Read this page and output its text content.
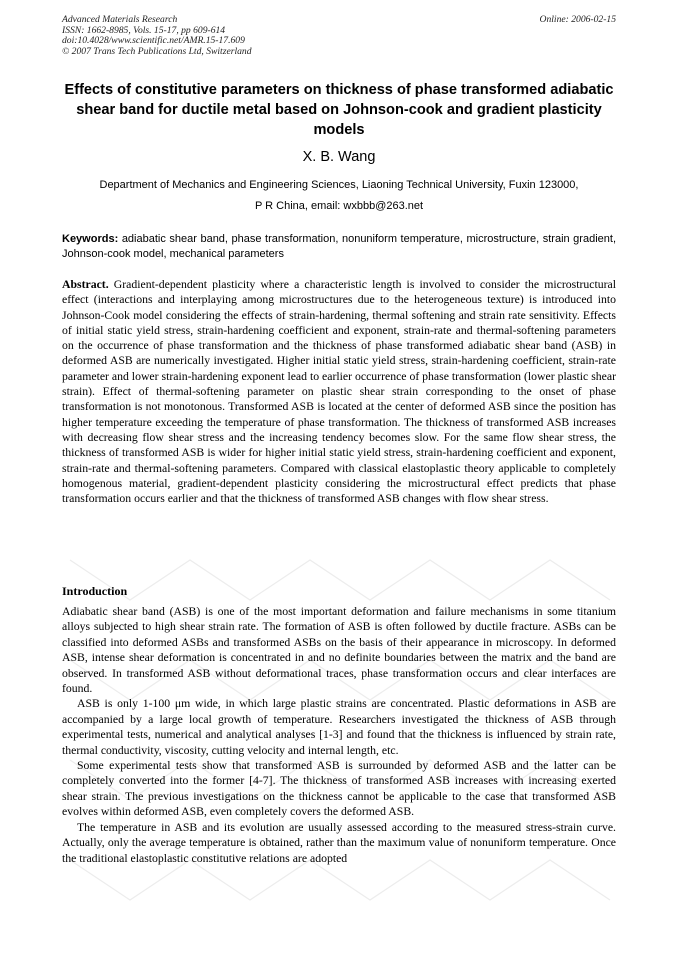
Advanced Materials Research
ISSN: 1662-8985, Vols. 15-17, pp 609-614
doi:10.4028/www.scientific.net/AMR.15-17.609
© 2007 Trans Tech Publications Ltd, Switzerland
Online: 2006-02-15
Effects of constitutive parameters on thickness of phase transformed adiabatic shear band for ductile metal based on Johnson-cook and gradient plasticity models
X. B. Wang
Department of Mechanics and Engineering Sciences, Liaoning Technical University, Fuxin 123000,
P R China, email: wxbbb@263.net
Keywords: adiabatic shear band, phase transformation, nonuniform temperature, microstructure, strain gradient, Johnson-cook model, mechanical parameters
Abstract. Gradient-dependent plasticity where a characteristic length is involved to consider the microstructural effect (interactions and interplaying among microstructures due to the heterogeneous texture) is introduced into Johnson-Cook model considering the effects of strain-hardening, thermal softening and strain rate sensitivity. Effects of initial static yield stress, strain-hardening coefficient and exponent, strain-rate and thermal-softening parameters on the occurrence of phase transformation and the thickness of phase transformed adiabatic shear band (ASB) in deformed ASB are numerically investigated. Higher initial static yield stress, strain-hardening coefficient, strain-rate parameter and lower strain-hardening exponent lead to earlier occurrence of phase transformation (lower plastic shear strain). Effect of thermal-softening parameter on plastic shear strain corresponding to the onset of phase transformation is not monotonous. Transformed ASB is located at the center of deformed ASB since the position has higher temperature exceeding the temperature of phase transformation. The thickness of transformed ASB increases with decreasing flow shear stress and the increasing tendency becomes slow. For the same flow shear stress, the thickness of transformed ASB is wider for higher initial static yield stress, strain-hardening coefficient and exponent, strain-rate and thermal-softening parameters. Compared with classical elastoplastic theory applicable to completely homogenous material, gradient-dependent plasticity considering the microstructural effect predicts that phase transformation occurs earlier and that the thickness of transformed ASB changes with flow shear stress.
Introduction

Adiabatic shear band (ASB) is one of the most important deformation and failure mechanisms in some titanium alloys subjected to high shear strain rate. The formation of ASB is often followed by ductile fracture. ASBs can be classified into deformed ASBs and transformed ASBs on the basis of their appearance in microscopy. In deformed ASB, intense shear deformation is concentrated in and no definite boundaries between the matrix and the band are observed. In transformed ASB without deformational traces, phase transformation occurs and clear interfaces are found.

ASB is only 1-100 μm wide, in which large plastic strains are concentrated. Plastic deformations in ASB are accompanied by a large local growth of temperature. Researchers investigated the thickness of ASB through experimental tests, numerical and analytical analyses [1-3] and found that the thickness is influenced by strain rate, thermal conductivity, viscosity, cutting velocity and internal length, etc.

Some experimental tests show that transformed ASB is surrounded by deformed ASB and the latter can be completely converted into the former [4-7]. The thickness of transformed ASB increases with increasing exerted shear strain. The previous investigations on the thickness cannot be applicable to the case that transformed ASB evolves within deformed ASB, even completely covers the deformed ASB.

The temperature in ASB and its evolution are usually assessed according to the measured stress-strain curve. Actually, only the average temperature is obtained, rather than the maximum value of nonuniform temperature. Once the traditional elastoplastic constitutive relations are adopted
